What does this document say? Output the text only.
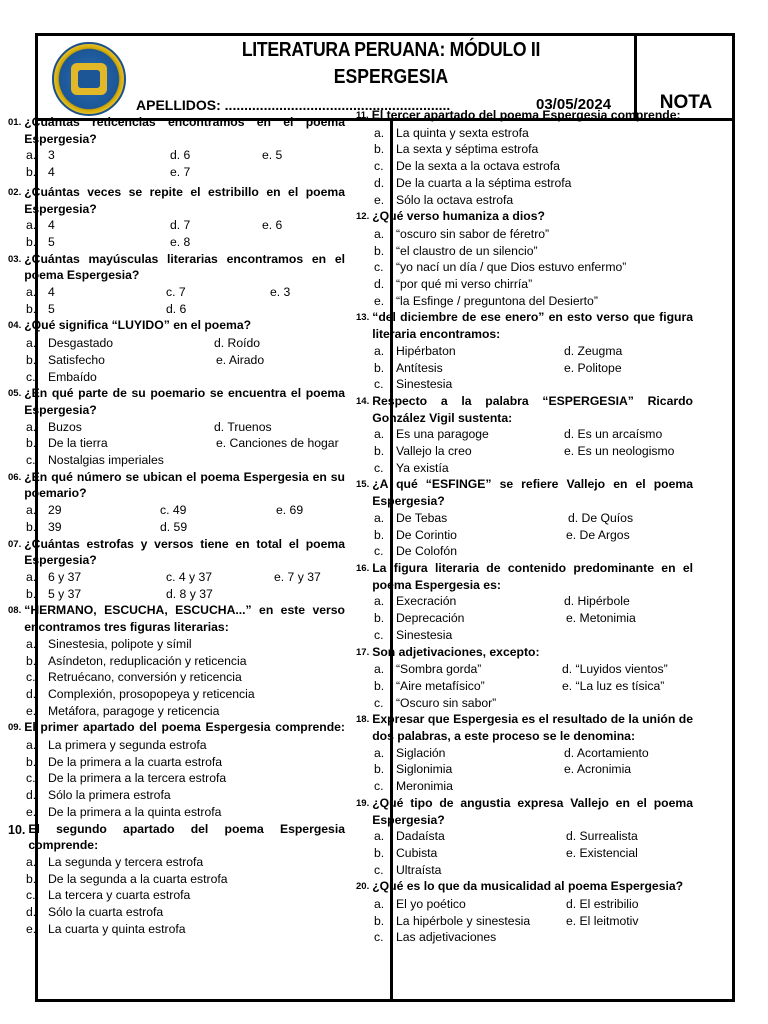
LITERATURA PERUANA: MÓDULO II
ESPERGESIA
APELLIDOS: ..........................................................	03/05/2024	NOTA
01. ¿Cuántas reticencias encontramos en el poema Espergesia?
a. 3	d. 6	e. 5
b. 4	e. 7
02. ¿Cuántas veces se repite el estribillo en el poema Espergesia?
a. 4	d. 7	e. 6
b. 5	e. 8
03. ¿Cuántas mayúsculas literarias encontramos en el poema Espergesia?
a. 4	c. 7	e. 3
b. 5	d. 6
04. ¿Qué significa “LUYIDO” en el poema?
a. Desgastado	d. Roído
b. Satisfecho	e. Airado
c.	Embaído
05. ¿En qué parte de su poemario se encuentra el poema Espergesia?
a. Buzos	d. Truenos
b. De la tierra	e. Canciones de hogar
c.	Nostalgias imperiales
06. ¿En qué número se ubican el poema Espergesia en su poemario?
a. 29	c. 49	e. 69
b. 39	d. 59
07. ¿Cuántas estrofas y versos tiene en total el poema Espergesia?
a. 6 y 37	c. 4 y 37	e. 7 y 37
b. 5 y 37	d. 8 y 37
08. “HERMANO, ESCUCHA, ESCUCHA...” en este verso encontramos tres figuras literarias:
a. Sinestesia, polipote y símil
b. Asíndeton, reduplicación y reticencia
c.	Retruécano, conversión y reticencia
d. Complexión, prosopopeya y reticencia
e. Metáfora, paragoge y reticencia
09. El primer apartado del poema Espergesia comprende:
a. La primera y segunda estrofa
b. De la primera a la cuarta estrofa
c.	De la primera a la tercera estrofa
d. Sólo la primera estrofa
e. De la primera a la quinta estrofa
10. El segundo apartado del poema Espergesia comprende:
a. La segunda y tercera estrofa
b. De la segunda a la cuarta estrofa
c.	La tercera y cuarta estrofa
d. Sólo la cuarta estrofa
e. La cuarta y quinta estrofa
11. El tercer apartado del poema Espergesia comprende:
a. La quinta y sexta estrofa
b. La sexta y séptima estrofa
c.	De la sexta a la octava estrofa
d. De la cuarta a la séptima estrofa
e. Sólo la octava estrofa
12. ¿Qué verso humaniza a dios?
a. “oscuro sin sabor de féretro”
b. “el claustro de un silencio”
c.	“yo nací un día / que Dios estuvo enfermo”
d. “por qué mi verso chirría”
e. “la Esfinge / preguntona del Desierto”
13. “del diciembre de ese enero” en esto verso que figura literaria encontramos:
a. Hipérbaton	d. Zeugma
b. Antítesis	e. Politope
c.	Sinestesia
14. Respecto a la palabra “ESPERGESIA” Ricardo González Vigil sustenta:
a. Es una paragoge	d. Es un arcaísmo
b. Vallejo la creo	e. Es un neologismo
c.	Ya existía
15. ¿A qué “ESFINGE” se refiere Vallejo en el poema Espergesia?
a. De Tebas	d. De Quíos
b. De Corintio	e. De Argos
c.	De Colofón
16. La figura literaria de contenido predominante en el poema Espergesia es:
a. Execración	d. Hipérbole
b. Deprecación	e. Metonimia
c.	Sinestesia
17. Son adjetivaciones, excepto:
a. “Sombra gorda”	d. “Luyidos vientos”
b. “Aire metafísico”	e. “La luz es tísica”
c.	“Oscuro sin sabor”
18. Expresar que Espergesia es el resultado de la unión de dos palabras, a este proceso se le denomina:
a. Siglación	d. Acortamiento
b. Siglonimia	e. Acronimia
c.	Meronimia
19. ¿Qué tipo de angustia expresa Vallejo en el poema Espergesia?
a. Dadaísta	d. Surrealista
b. Cubista	e. Existencial
c.	Ultraísta
20. ¿Qué es lo que da musicalidad al poema Espergesia?
a. El yo poético	d. El estribilio
b. La hipérbole y sinestesia	e. El leitmotiv
c.	Las adjetivaciones
